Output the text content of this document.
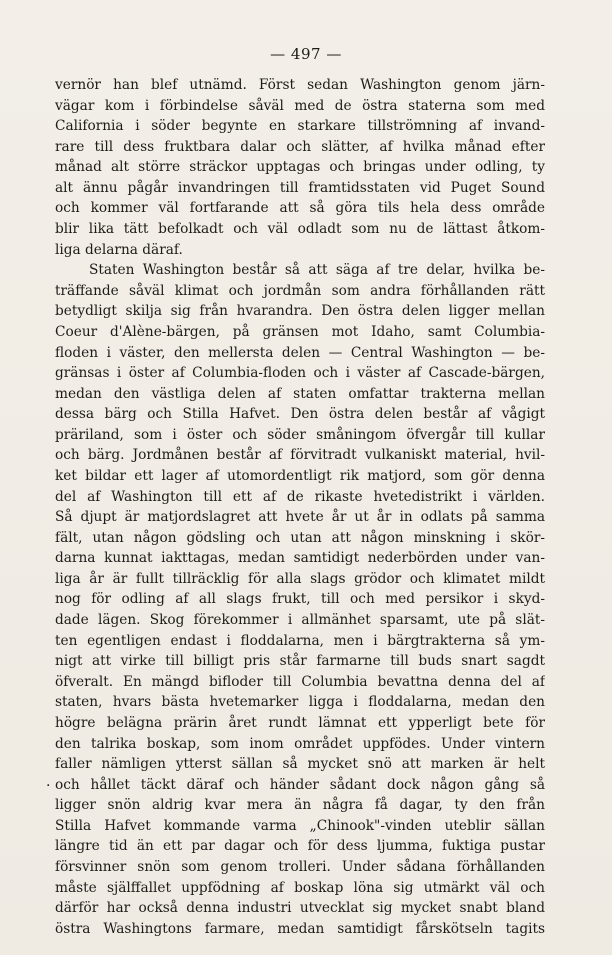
— 497 —
vernör han blef utnämd. Först sedan Washington genom järn-
vägar kom i förbindelse såväl med de östra staterna som med
California i söder begynte en starkare tillströmning af invand-
rare till dess fruktbara dalar och slätter, af hvilka månad efter
månad alt större sträckor upptagas och bringas under odling, ty
alt ännu pågår invandringen till framtidsstaten vid Puget Sound
och kommer väl fortfarande att så göra tils hela dess område
blir lika tätt befolkadt och väl odladt som nu de lättast åtkom-
liga delarna däraf.
Staten Washington består så att säga af tre delar, hvilka be-
träffande såväl klimat och jordmån som andra förhållanden rätt
betydligt skilja sig från hvarandra. Den östra delen ligger mellan
Coeur d'Alène-bärgen, på gränsen mot Idaho, samt Columbia-
floden i väster, den mellersta delen — Central Washington — be-
gränsas i öster af Columbia-floden och i väster af Cascade-bärgen,
medan den västliga delen af staten omfattar trakterna mellan
dessa bärg och Stilla Hafvet. Den östra delen består af vågigt
präriland, som i öster och söder småningom öfvergår till kullar
och bärg. Jordmånen består af förvitradt vulkaniskt material, hvil-
ket bildar ett lager af utomordentligt rik matjord, som gör denna
del af Washington till ett af de rikaste hvetedistrikt i världen.
Så djupt är matjordslagret att hvete år ut år in odlats på samma
fält, utan någon gödsling och utan att någon minskning i skör-
darna kunnat iakttagas, medan samtidigt nederbörden under van-
liga år är fullt tillräcklig för alla slags grödor och klimatet mildt
nog för odling af all slags frukt, till och med persikor i skyd-
dade lägen. Skog förekommer i allmänhet sparsamt, ute på slät-
ten egentligen endast i floddalarna, men i bärgtrakterna så ym-
nigt att virke till billigt pris står farmarne till buds snart sagdt
öfveralt. En mängd bifloder till Columbia bevattna denna del af
staten, hvars bästa hvetemarker ligga i floddalarna, medan den
högre belägna prärin året rundt lämnat ett ypperligt bete för
den talrika boskap, som inom området uppfödes. Under vintern
faller nämligen ytterst sällan så mycket snö att marken är helt
och hållet täckt däraf och händer sådant dock någon gång så
ligger snön aldrig kvar mera än några få dagar, ty den från
Stilla Hafvet kommande varma „Chinook"-vinden uteblir sällan
längre tid än ett par dagar och för dess ljumma, fuktiga pustar
försvinner snön som genom trolleri. Under sådana förhållanden
måste själffallet uppfödning af boskap löna sig utmärkt väl och
därför har också denna industri utvecklat sig mycket snabt bland
östra Washingtons farmare, medan samtidigt fårskötseln tagits
.
